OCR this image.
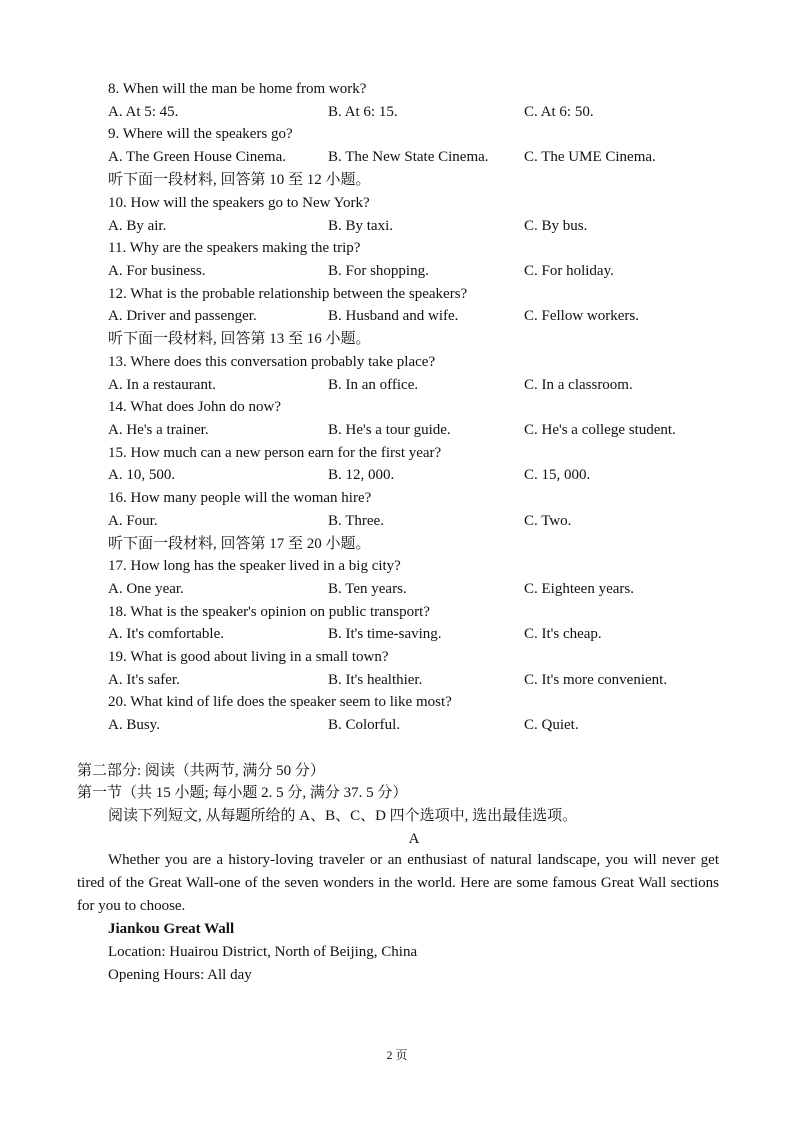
8. When will the man be home from work?
A. At 5: 45.	B. At 6: 15.	C. At 6: 50.
9. Where will the speakers go?
A. The Green House Cinema.	B. The New State Cinema. C. The UME Cinema.
听下面一段材料, 回答第 10 至 12 小题。
10. How will the speakers go to New York?
A. By air.	B. By taxi.	C. By bus.
11. Why are the speakers making the trip?
A. For business.	B. For shopping.	C. For holiday.
12. What is the probable relationship between the speakers?
A. Driver and passenger.	B. Husband and wife.	C. Fellow workers.
听下面一段材料, 回答第 13 至 16 小题。
13. Where does this conversation probably take place?
A. In a restaurant.	B. In an office.	C. In a classroom.
14. What does John do now?
A. He's a trainer.	B. He's a tour guide.	C. He's a college student.
15. How much can a new person earn for the first year?
A. 10, 500.	B. 12, 000.	C. 15, 000.
16. How many people will the woman hire?
A. Four.	B. Three.	C. Two.
听下面一段材料, 回答第 17 至 20 小题。
17. How long has the speaker lived in a big city?
A. One year.	B. Ten years.	C. Eighteen years.
18. What is the speaker's opinion on public transport?
A. It's comfortable.	B. It's time-saving.	C. It's cheap.
19. What is good about living in a small town?
A. It's safer.	B. It's healthier.	C. It's more convenient.
20. What kind of life does the speaker seem to like most?
A. Busy.	B. Colorful.	C. Quiet.
第二部分: 阅读（共两节, 满分 50 分）
第一节（共 15 小题; 每小题 2. 5 分, 满分 37. 5 分）
阅读下列短文, 从每题所给的 A、B、C、D 四个选项中, 选出最佳选项。
A
Whether you are a history-loving traveler or an enthusiast of natural landscape, you will never get tired of the Great Wall-one of the seven wonders in the world. Here are some famous Great Wall sections for you to choose.
Jiankou Great Wall
Location: Huairou District, North of Beijing, China
Opening Hours: All day
2 页
